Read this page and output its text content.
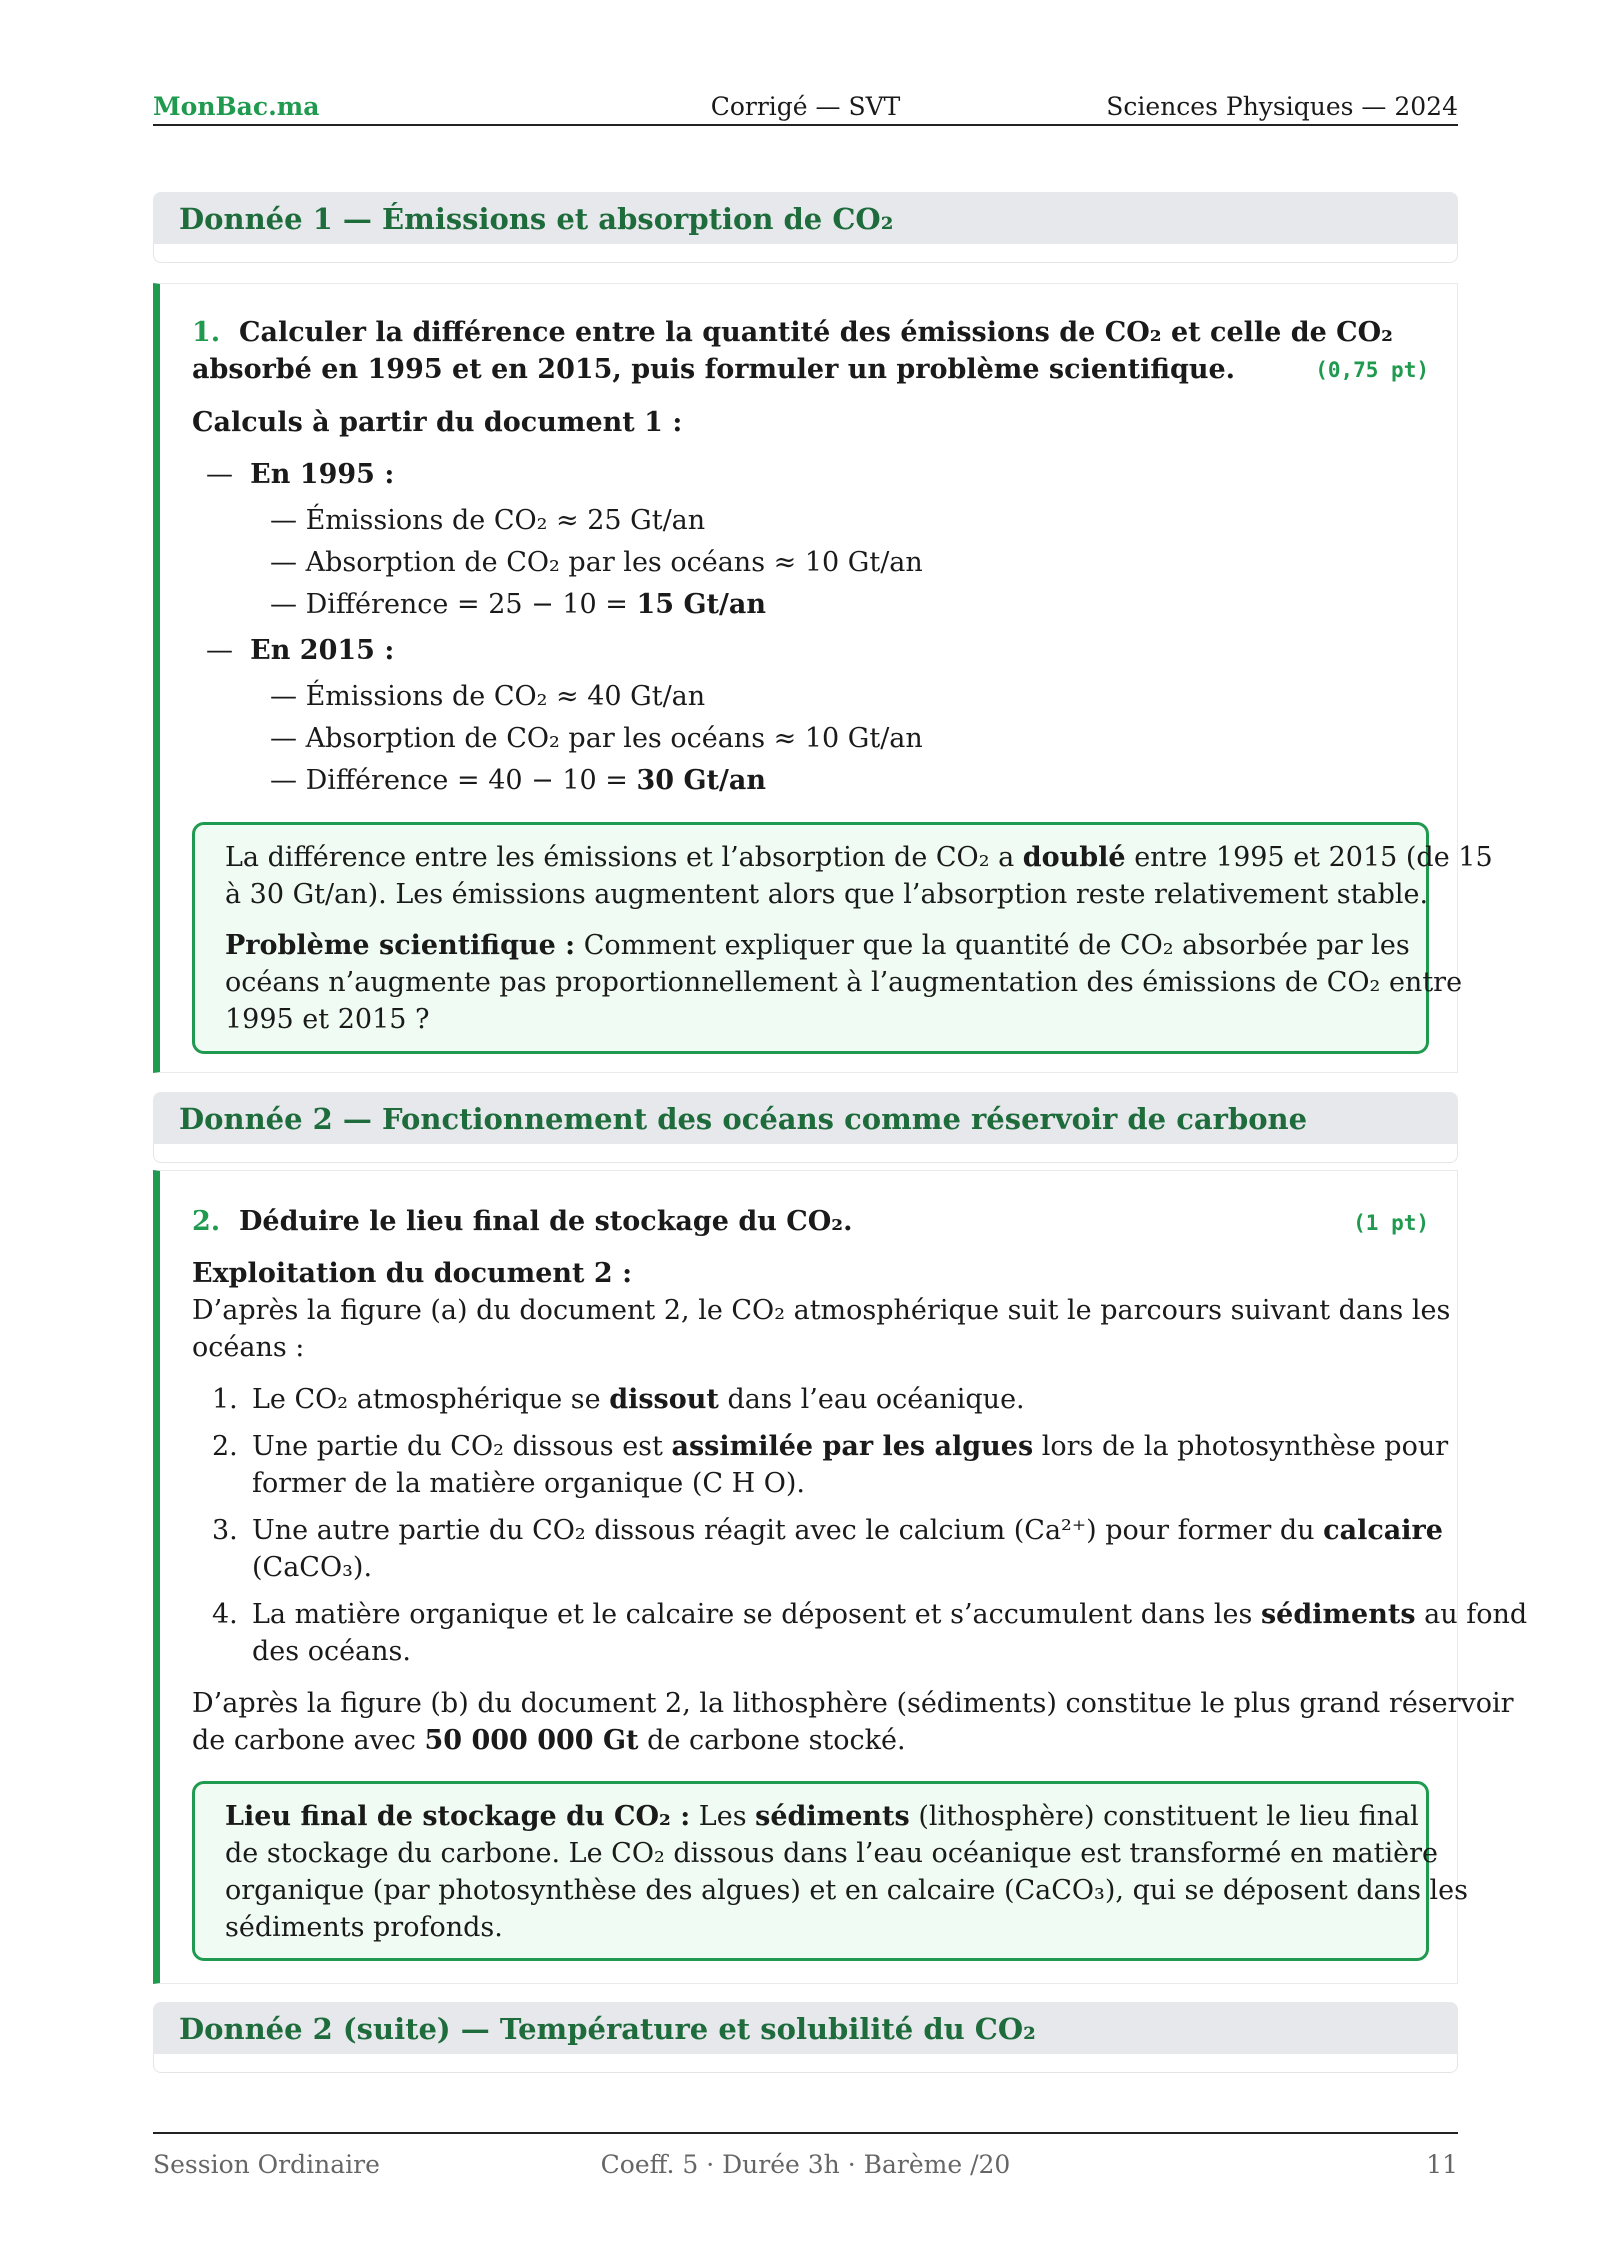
MonBac.ma	Corrigé — SVT	Sciences Physiques — 2024
Donnée 1 — Émissions et absorption de CO₂
1. Calculer la différence entre la quantité des émissions de CO₂ et celle de CO₂
absorbé en 1995 et en 2015, puis formuler un problème scientifique.	(0,75 pt)
Calculs à partir du document 1 :
—  En 1995 :
— Émissions de CO₂ ≈ 25 Gt/an
— Absorption de CO₂ par les océans ≈ 10 Gt/an
— Différence = 25 − 10 = 15 Gt/an
—  En 2015 :
— Émissions de CO₂ ≈ 40 Gt/an
— Absorption de CO₂ par les océans ≈ 10 Gt/an
— Différence = 40 − 10 = 30 Gt/an
La différence entre les émissions et l’absorption de CO₂ a doublé entre 1995 et 2015 (de 15
à 30 Gt/an). Les émissions augmentent alors que l’absorption reste relativement stable.
Problème scientifique : Comment expliquer que la quantité de CO₂ absorbée par les
océans n’augmente pas proportionnellement à l’augmentation des émissions de CO₂ entre
1995 et 2015 ?
Donnée 2 — Fonctionnement des océans comme réservoir de carbone
2. Déduire le lieu final de stockage du CO₂.	(1 pt)
Exploitation du document 2 :
D’après la figure (a) du document 2, le CO₂ atmosphérique suit le parcours suivant dans les
océans :
1. Le CO₂ atmosphérique se dissout dans l’eau océanique.
2. Une partie du CO₂ dissous est assimilée par les algues lors de la photosynthèse pour
former de la matière organique (C H O).
3. Une autre partie du CO₂ dissous réagit avec le calcium (Ca²⁺) pour former du calcaire
(CaCO₃).
4. La matière organique et le calcaire se déposent et s’accumulent dans les sédiments au fond
des océans.
D’après la figure (b) du document 2, la lithosphère (sédiments) constitue le plus grand réservoir
de carbone avec 50 000 000 Gt de carbone stocké.
Lieu final de stockage du CO₂ : Les sédiments (lithosphère) constituent le lieu final
de stockage du carbone. Le CO₂ dissous dans l’eau océanique est transformé en matière
organique (par photosynthèse des algues) et en calcaire (CaCO₃), qui se déposent dans les
sédiments profonds.
Donnée 2 (suite) — Température et solubilité du CO₂
Session Ordinaire	Coeff. 5 · Durée 3h · Barème /20	11
